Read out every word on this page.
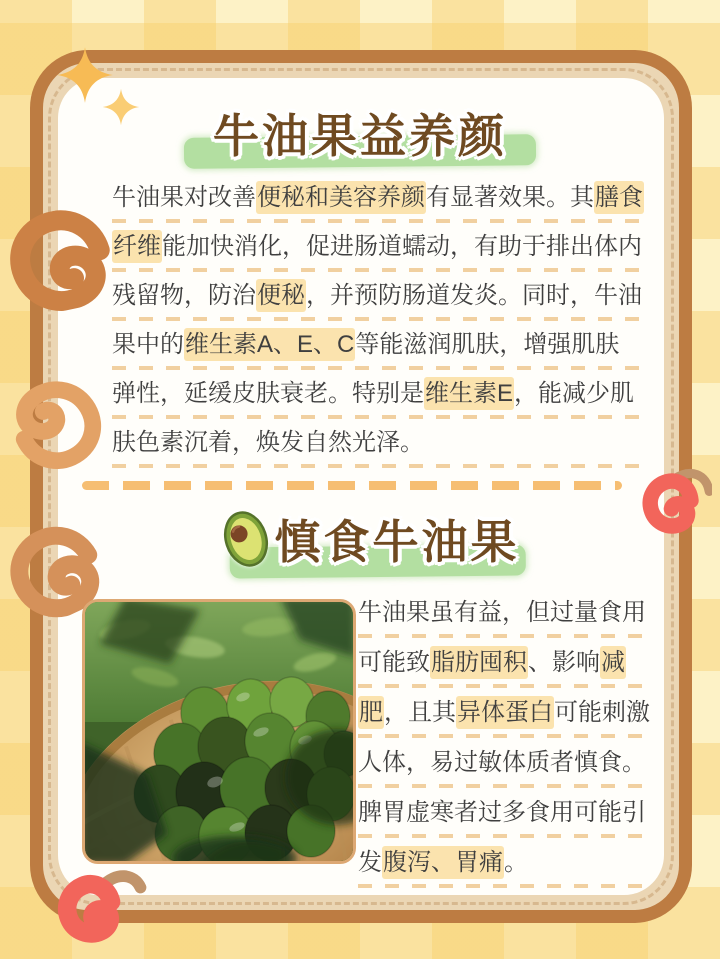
牛油果益养颜
牛油果对改善便秘和美容养颜有显著效果。其膳食
纤维能加快消化，促进肠道蠕动，有助于排出体内
残留物，防治便秘，并预防肠道发炎。同时，牛油
果中的维生素A、E、C等能滋润肌肤，增强肌肤
弹性，延缓皮肤衰老。特别是维生素E，能减少肌
肤色素沉着，焕发自然光泽。
慎食牛油果
牛油果虽有益，但过量食用
可能致脂肪囤积、影响减
肥，且其异体蛋白可能刺激
人体，易过敏体质者慎食。
脾胃虚寒者过多食用可能引
发腹泻、胃痛。
